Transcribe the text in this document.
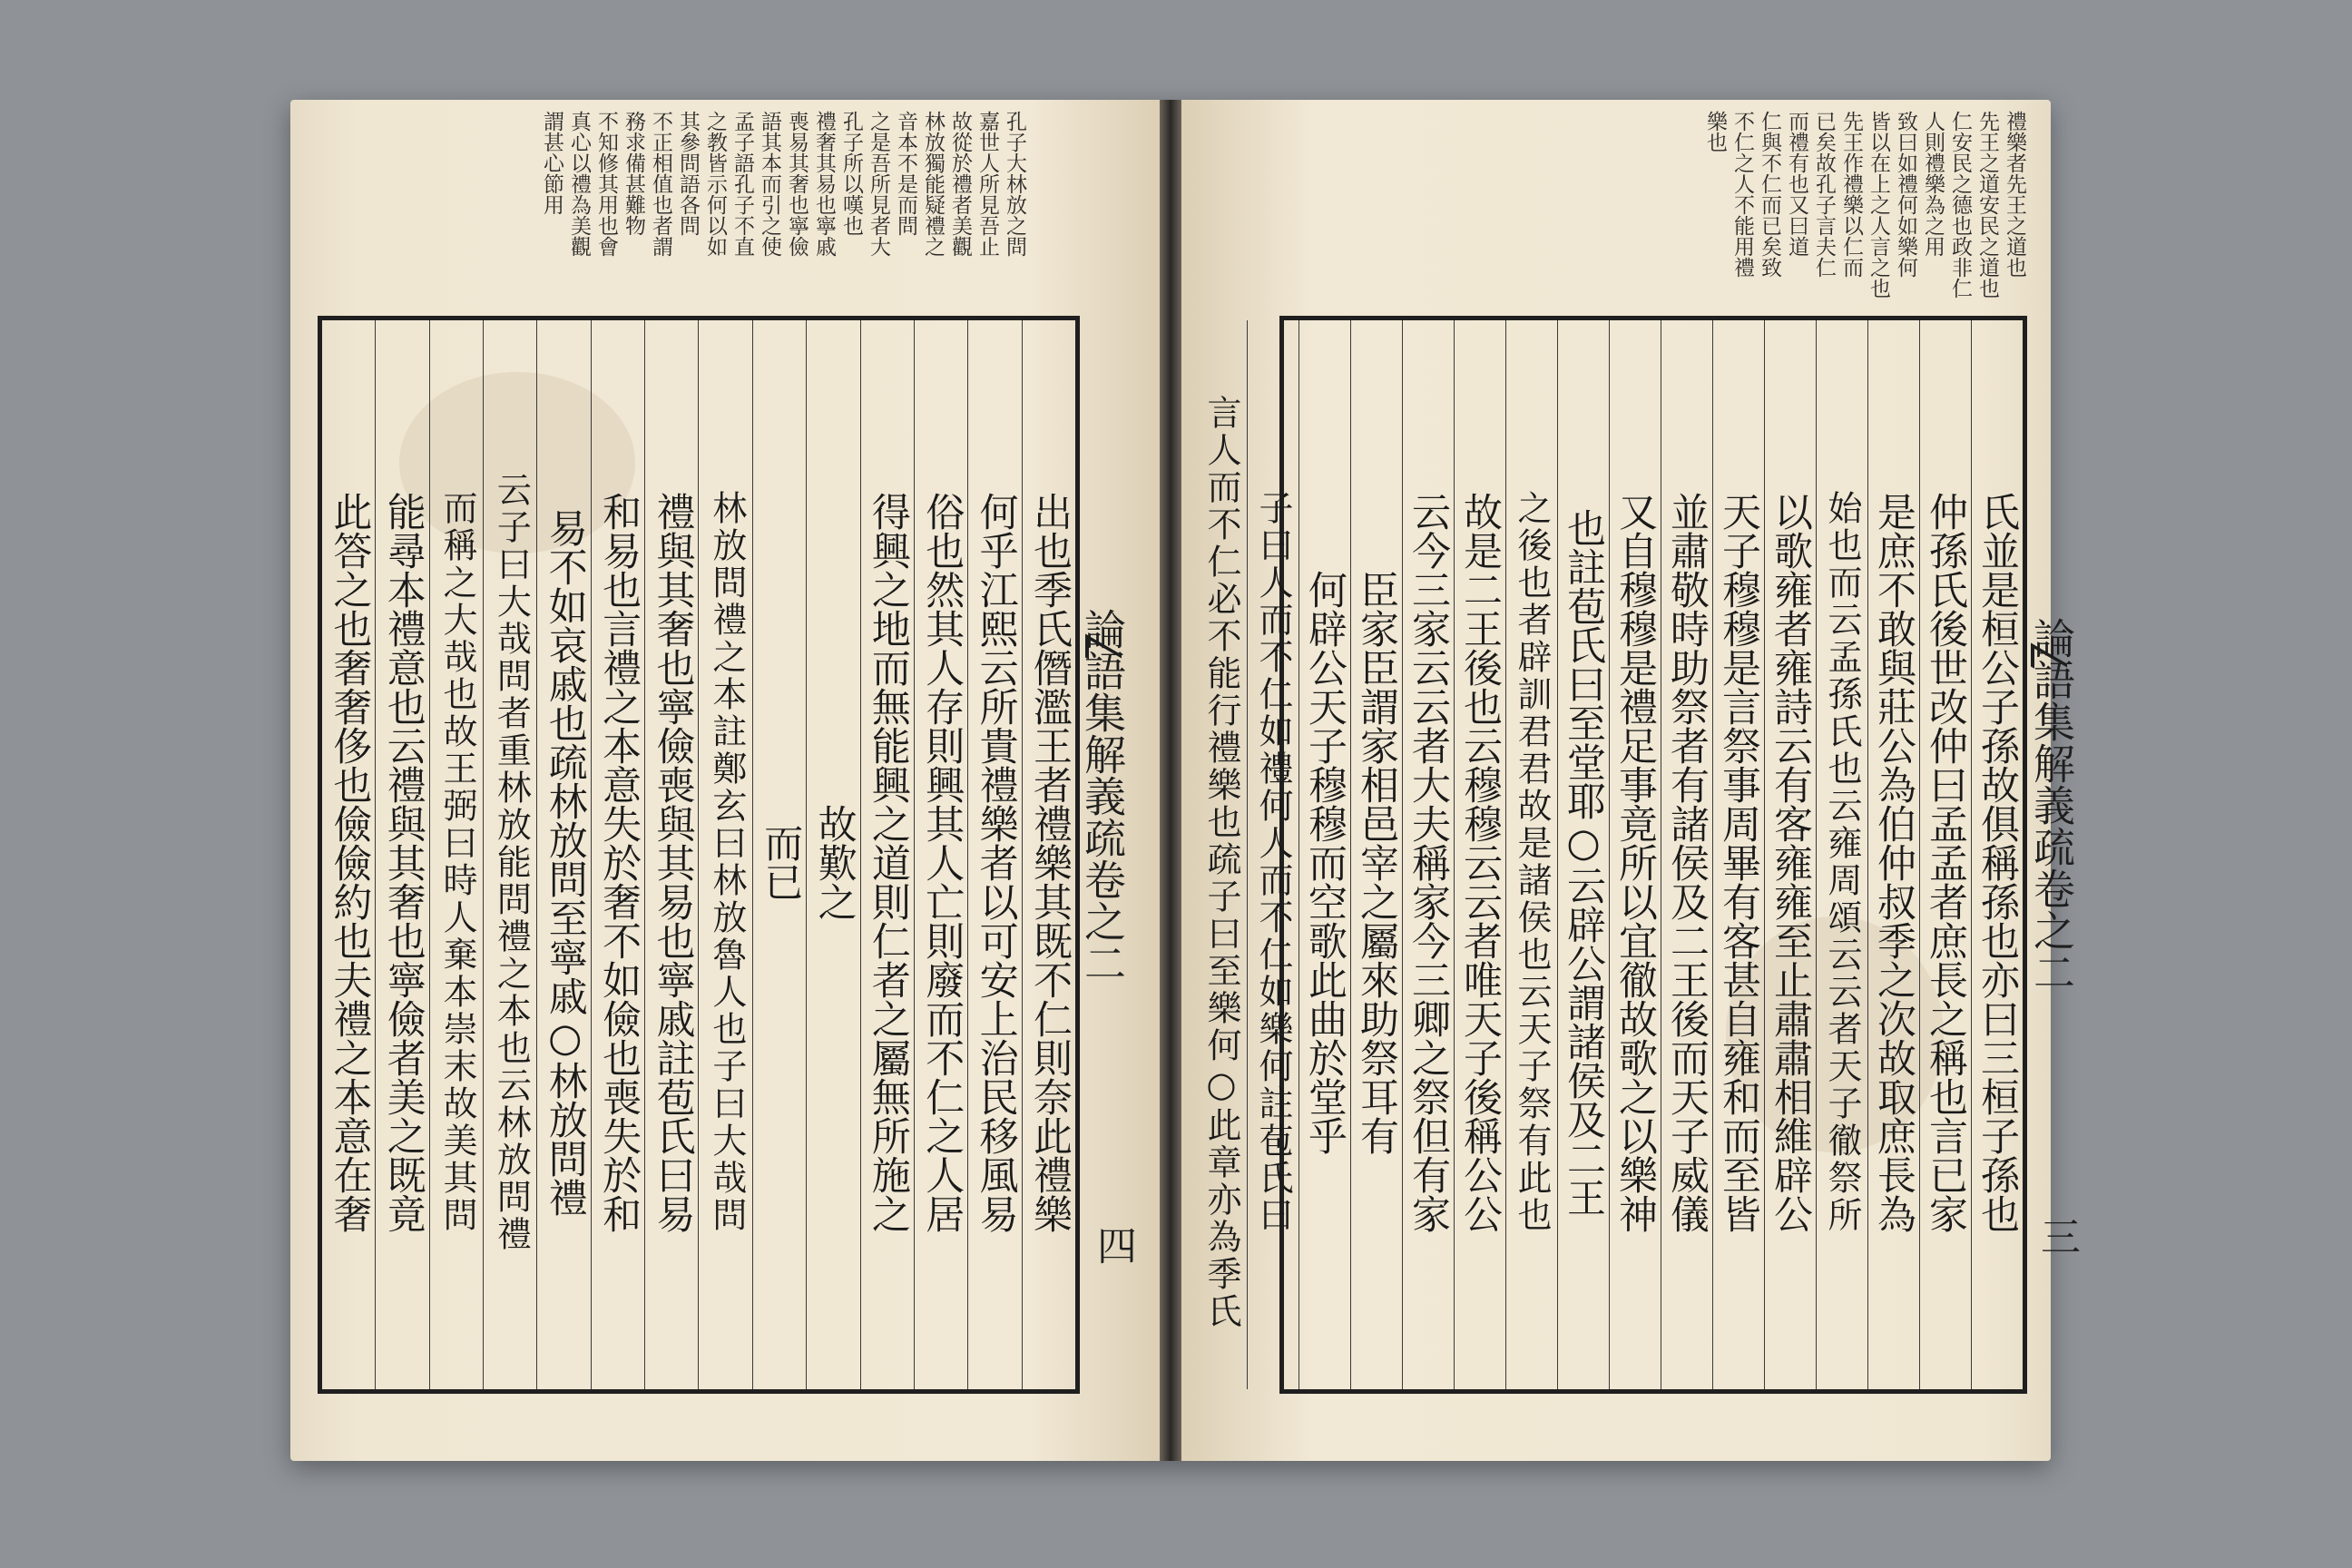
孔子大林放之問
嘉世人所見吾止
故從於禮者美觀
林放獨能疑禮之
音本不是而問
之是吾所見者大
孔子所以嘆也
禮奢其易也寧戚
喪易其奢也寧儉
語其本而引之使
孟子語孔子不直
之教皆示何以如
其參問語各問
不正相值也者謂
務求備甚難物
不知修其用也會
真心以禮為美觀
謂甚心節用
出也季氏僭濫王者禮樂其既不仁則奈此禮樂
何乎江熙云所貴禮樂者以可安上治民移風易
俗也然其人存則興其人亡則廢而不仁之人居
得興之地而無能興之道則仁者之屬無所施之
故歎之
而已
林放問禮之本註鄭玄曰林放魯人也子曰大哉問
禮與其奢也寧儉喪與其易也寧戚註苞氏曰易
和易也言禮之本意失於奢不如儉也喪失於和
易不如哀戚也疏林放問至寧戚○林放問禮
云子曰大哉問者重林放能問禮之本也云林放問禮
而稱之大哉也故王弼曰時人棄本崇末故美其問
能尋本禮意也云禮與其奢也寧儉者美之既竟
此答之也奢奢侈也儉儉約也夫禮之本意在奢	論語集解義疏卷之二
四
禮樂者先王之道也
先王之道安民之道也
仁安民之德也政非仁
人則禮樂為之用
致曰如禮何如樂何
皆以在上之人言之也
先王作禮樂以仁而
已矣故孔子言夫仁
而禮有也又曰道
仁與不仁而已矣致
不仁之人不能用禮
樂也
氏並是桓公子孫故俱稱孫也亦曰三桓子孫也
仲孫氏後世改仲曰孟孟者庶長之稱也言已家
是庶不敢與莊公為伯仲叔季之次故取庶長為
始也而云孟孫氏也云雍周頌云云者天子徹祭所
以歌雍者雍詩云有客雍雍至止肅肅相維辟公
天子穆穆是言祭事周畢有客甚自雍和而至皆
並肅敬時助祭者有諸侯及二王後而天子威儀
又自穆穆是禮足事竟所以宜徹故歌之以樂神
也註苞氏曰至堂耶○云辟公謂諸侯及二王
之後也者辟訓君君故是諸侯也云天子祭有此也
故是二王後也云穆穆云云者唯天子後稱公公
云今三家云云者大夫稱家今三卿之祭但有家
臣家臣謂家相邑宰之屬來助祭耳有
何辟公天子穆穆而空歌此曲於堂乎
子曰人而不仁如禮何人而不仁如樂何註苞氏曰
言人而不仁必不能行禮樂也疏子曰至樂何○此章亦為季氏	論語集解義疏卷之二
三
